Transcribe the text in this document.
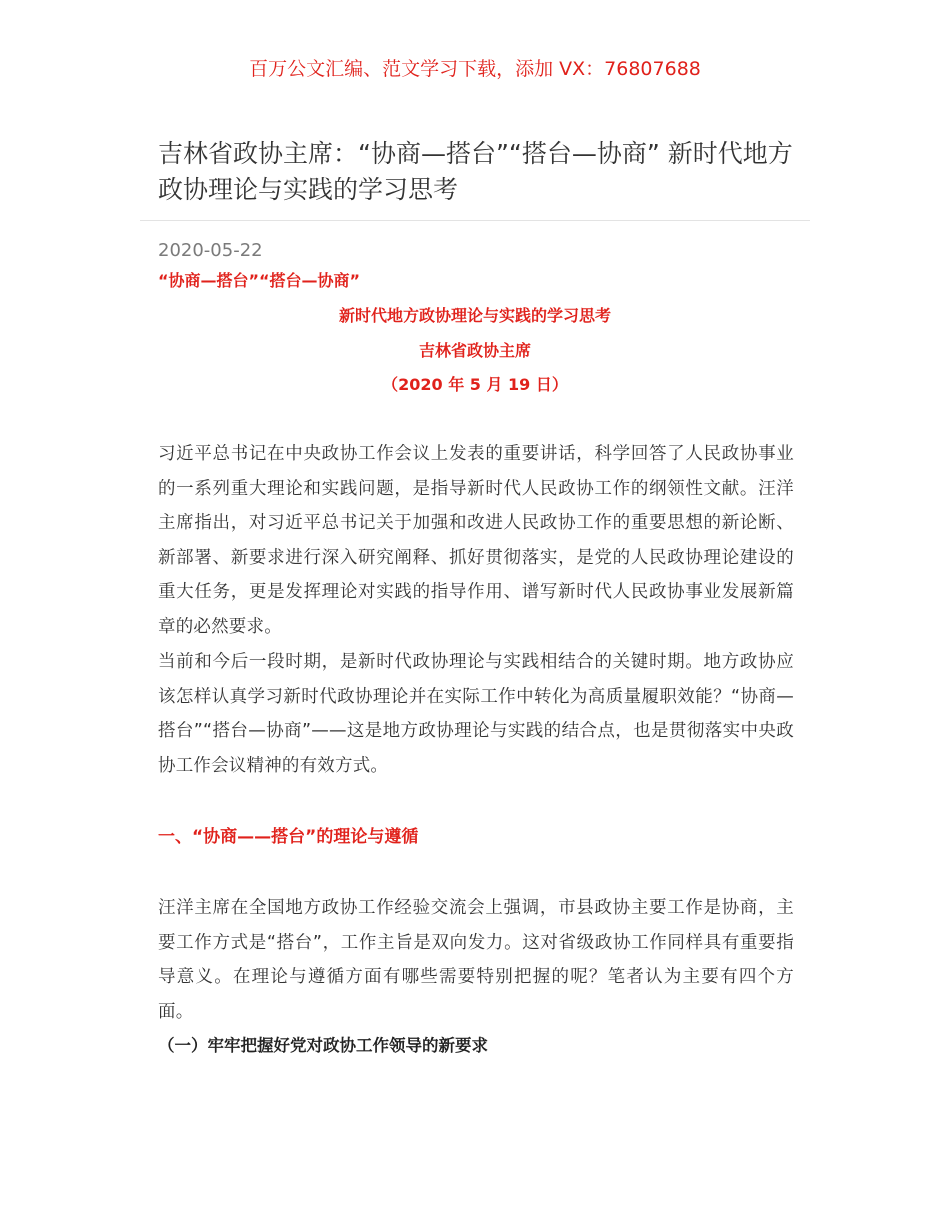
百万公文汇编、范文学习下载，添加 VX：76807688
吉林省政协主席：“协商—搭台”“搭台—协商” 新时代地方政协理论与实践的学习思考
2020-05-22
“协商—搭台”“搭台—协商”
新时代地方政协理论与实践的学习思考
吉林省政协主席
（2020 年 5 月 19 日）

习近平总书记在中央政协工作会议上发表的重要讲话，科学回答了人民政协事业的一系列重大理论和实践问题，是指导新时代人民政协工作的纲领性文献。汪洋主席指出，对习近平总书记关于加强和改进人民政协工作的重要思想的新论断、新部署、新要求进行深入研究阐释、抓好贯彻落实，是党的人民政协理论建设的重大任务，更是发挥理论对实践的指导作用、谱写新时代人民政协事业发展新篇章的必然要求。

当前和今后一段时期，是新时代政协理论与实践相结合的关键时期。地方政协应该怎样认真学习新时代政协理论并在实际工作中转化为高质量履职效能？“协商—搭台”“搭台—协商”——这是地方政协理论与实践的结合点，也是贯彻落实中央政协工作会议精神的有效方式。

一、“协商——搭台”的理论与遵循

汪洋主席在全国地方政协工作经验交流会上强调，市县政协主要工作是协商，主要工作方式是“搭台”，工作主旨是双向发力。这对省级政协工作同样具有重要指导意义。在理论与遵循方面有哪些需要特别把握的呢？笔者认为主要有四个方面。

（一）牢牢把握好党对政协工作领导的新要求
